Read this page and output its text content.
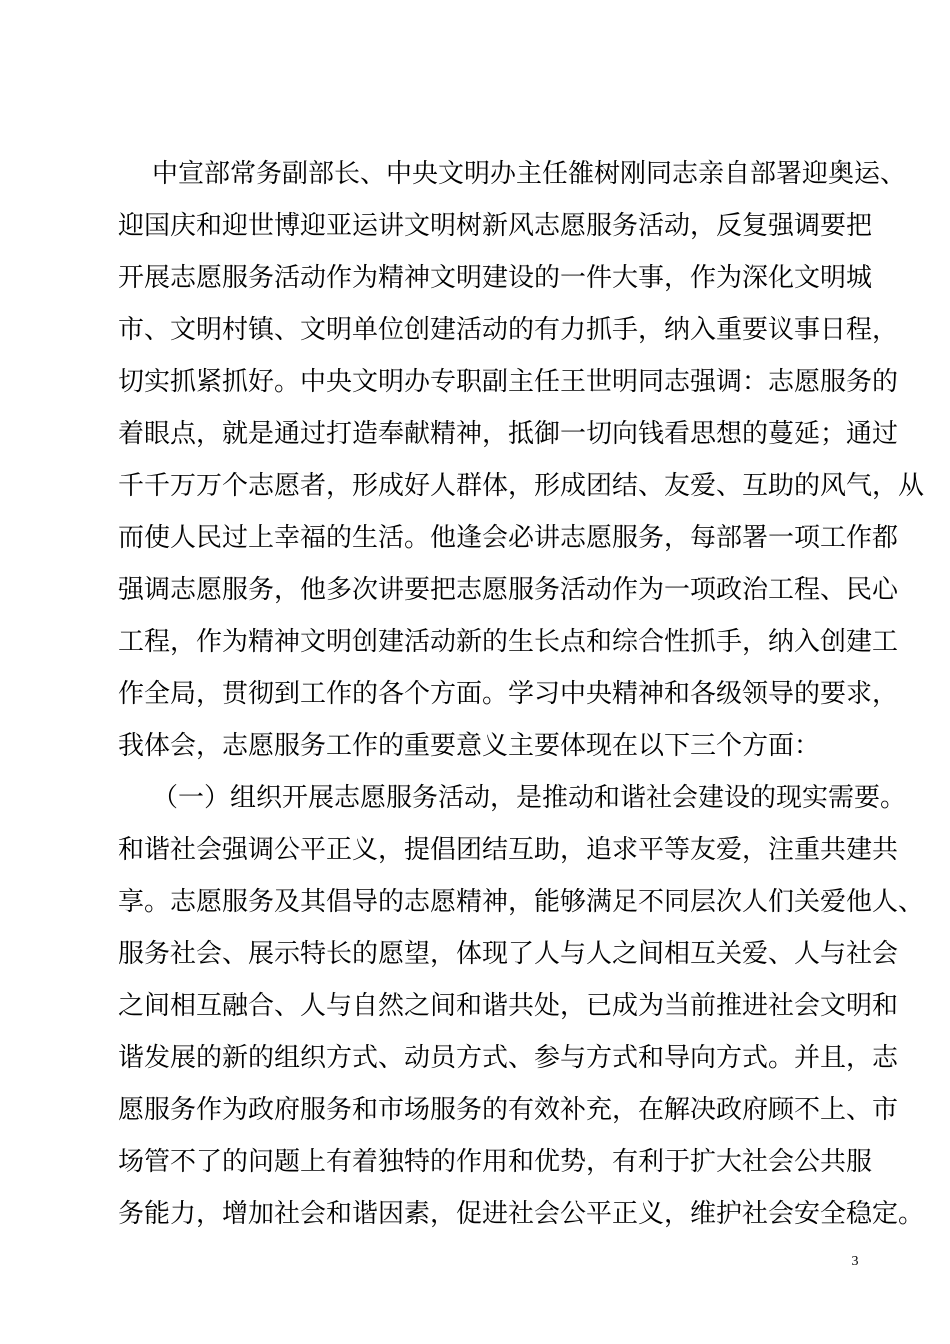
中宣部常务副部长、中央文明办主任雒树刚同志亲自部署迎奥运、
迎国庆和迎世博迎亚运讲文明树新风志愿服务活动，反复强调要把
开展志愿服务活动作为精神文明建设的一件大事，作为深化文明城
市、文明村镇、文明单位创建活动的有力抓手，纳入重要议事日程，
切实抓紧抓好。中央文明办专职副主任王世明同志强调：志愿服务的
着眼点，就是通过打造奉献精神，抵御一切向钱看思想的蔓延；通过
千千万万个志愿者，形成好人群体，形成团结、友爱、互助的风气，从
而使人民过上幸福的生活。他逢会必讲志愿服务，每部署一项工作都
强调志愿服务，他多次讲要把志愿服务活动作为一项政治工程、民心
工程，作为精神文明创建活动新的生长点和综合性抓手，纳入创建工
作全局，贯彻到工作的各个方面。学习中央精神和各级领导的要求，
我体会，志愿服务工作的重要意义主要体现在以下三个方面：
（一）组织开展志愿服务活动，是推动和谐社会建设的现实需要。
和谐社会强调公平正义，提倡团结互助，追求平等友爱，注重共建共
享。志愿服务及其倡导的志愿精神，能够满足不同层次人们关爱他人、
服务社会、展示特长的愿望，体现了人与人之间相互关爱、人与社会
之间相互融合、人与自然之间和谐共处，已成为当前推进社会文明和
谐发展的新的组织方式、动员方式、参与方式和导向方式。并且，志
愿服务作为政府服务和市场服务的有效补充，在解决政府顾不上、市
场管不了的问题上有着独特的作用和优势，有利于扩大社会公共服
务能力，增加社会和谐因素，促进社会公平正义，维护社会安全稳定。
3
